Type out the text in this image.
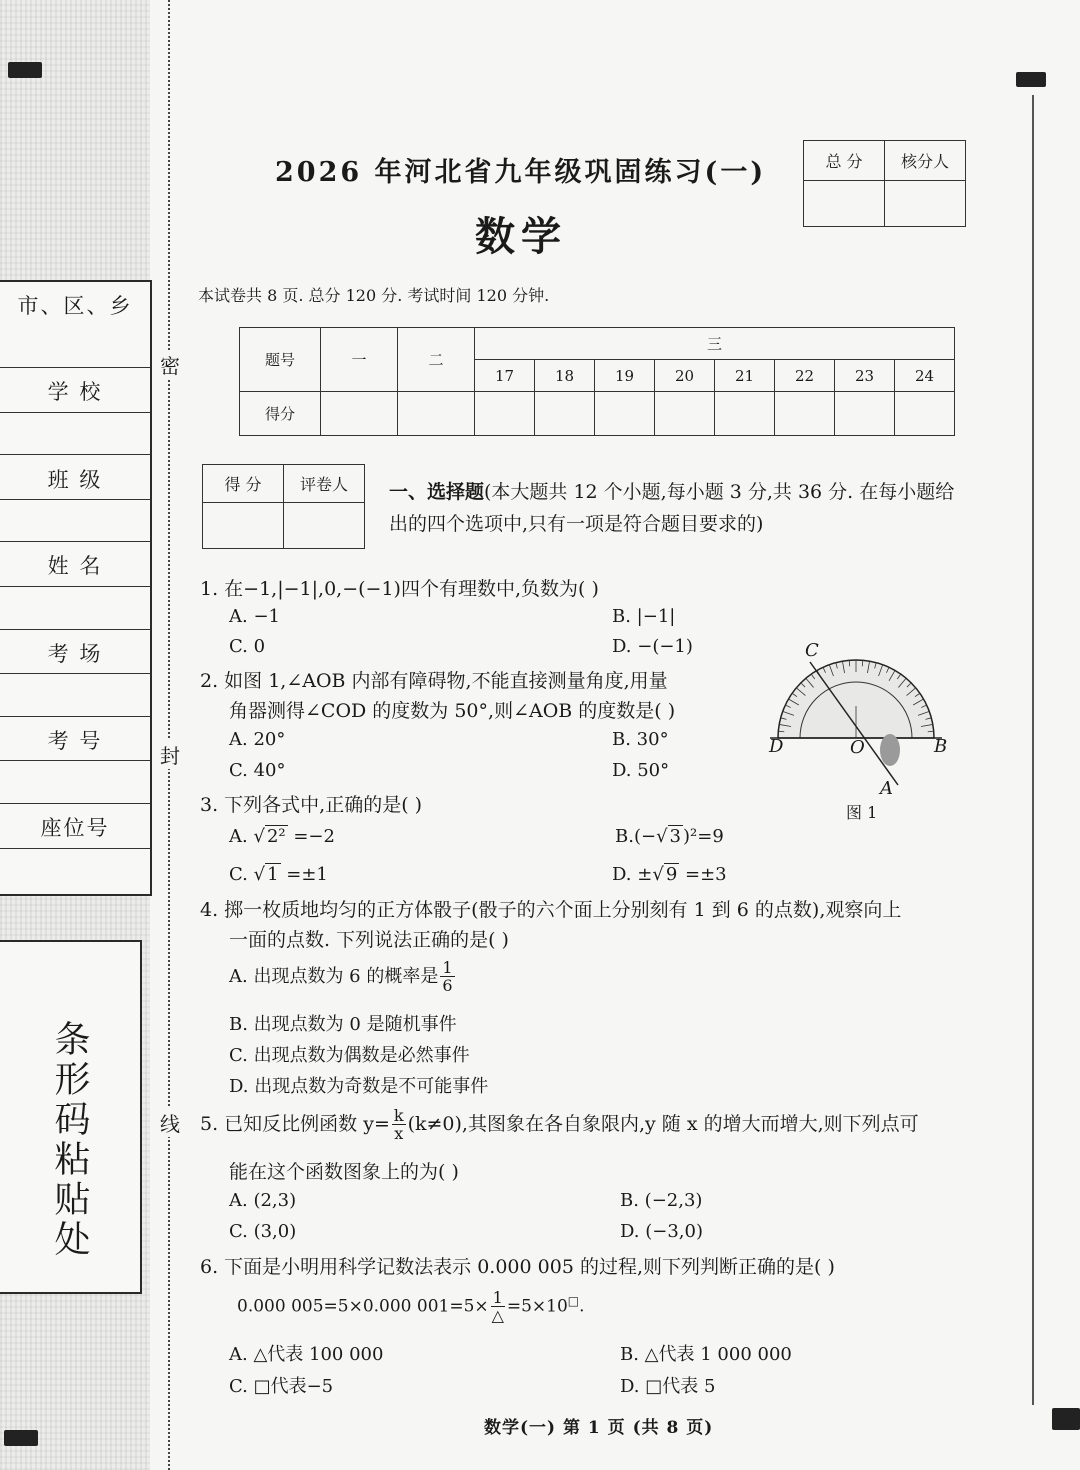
市、区、乡
学 校
班 级
姓 名
考 场
考 号
座位号
条形码粘贴处
密
封
线
2026 年河北省九年级巩固练习(一)
数学
本试卷共 8 页. 总分 120 分. 考试时间 120 分钟.
总 分	核分人

题号	一	二	三							
			17	18	19	20	21	22	23	24
得分										
得 分	评卷人
	一、选择题(本大题共 12 个小题,每小题 3 分,共 36 分. 在每小题给出的四个选项中,只有一项是符合题目要求的)
1. 在−1,|−1|,0,−(−1)四个有理数中,负数为( )
A. −1	B. |−1|
C. 0	D. −(−1)
2. 如图 1,∠AOB 内部有障碍物,不能直接测量角度,用量
角器测得∠COD 的度数为 50°,则∠AOB 的度数是( )
A. 20°	B. 30°
C. 40°	D. 50°
C
D	O	B
A
图 1
3. 下列各式中,正确的是( )
A. √ 2² =−2	B.(−√ 3 )²=9
C. √ 1 =±1	D. ±√ 9 =±3
4. 掷一枚质地均匀的正方体骰子(骰子的六个面上分别刻有 1 到 6 的点数),观察向上
一面的点数. 下列说法正确的是( )
A. 出现点数为 6 的概率是 $\frac{1}{6}$
B. 出现点数为 0 是随机事件
C. 出现点数为偶数是必然事件
D. 出现点数为奇数是不可能事件
5. 已知反比例函数 $y= \frac{k}{x} (k\ne 0)$,其图象在各自象限内,y 随 x 的增大而增大,则下列点可
能在这个函数图象上的为( )
A. (2,3)	B. (−2,3)
C. (3,0)	D. (−3,0)
6. 下面是小明用科学记数法表示 0.000 005 的过程,则下列判断正确的是( )
0.000 005=5×0.000 $001=5\times \frac{1}{\triangle} =5\times 10^□$.
A. △代表 100 000	B. △代表 1 000 000
C. □代表−5	D. □代表 5
数学(一) 第 1 页 (共 8 页)
